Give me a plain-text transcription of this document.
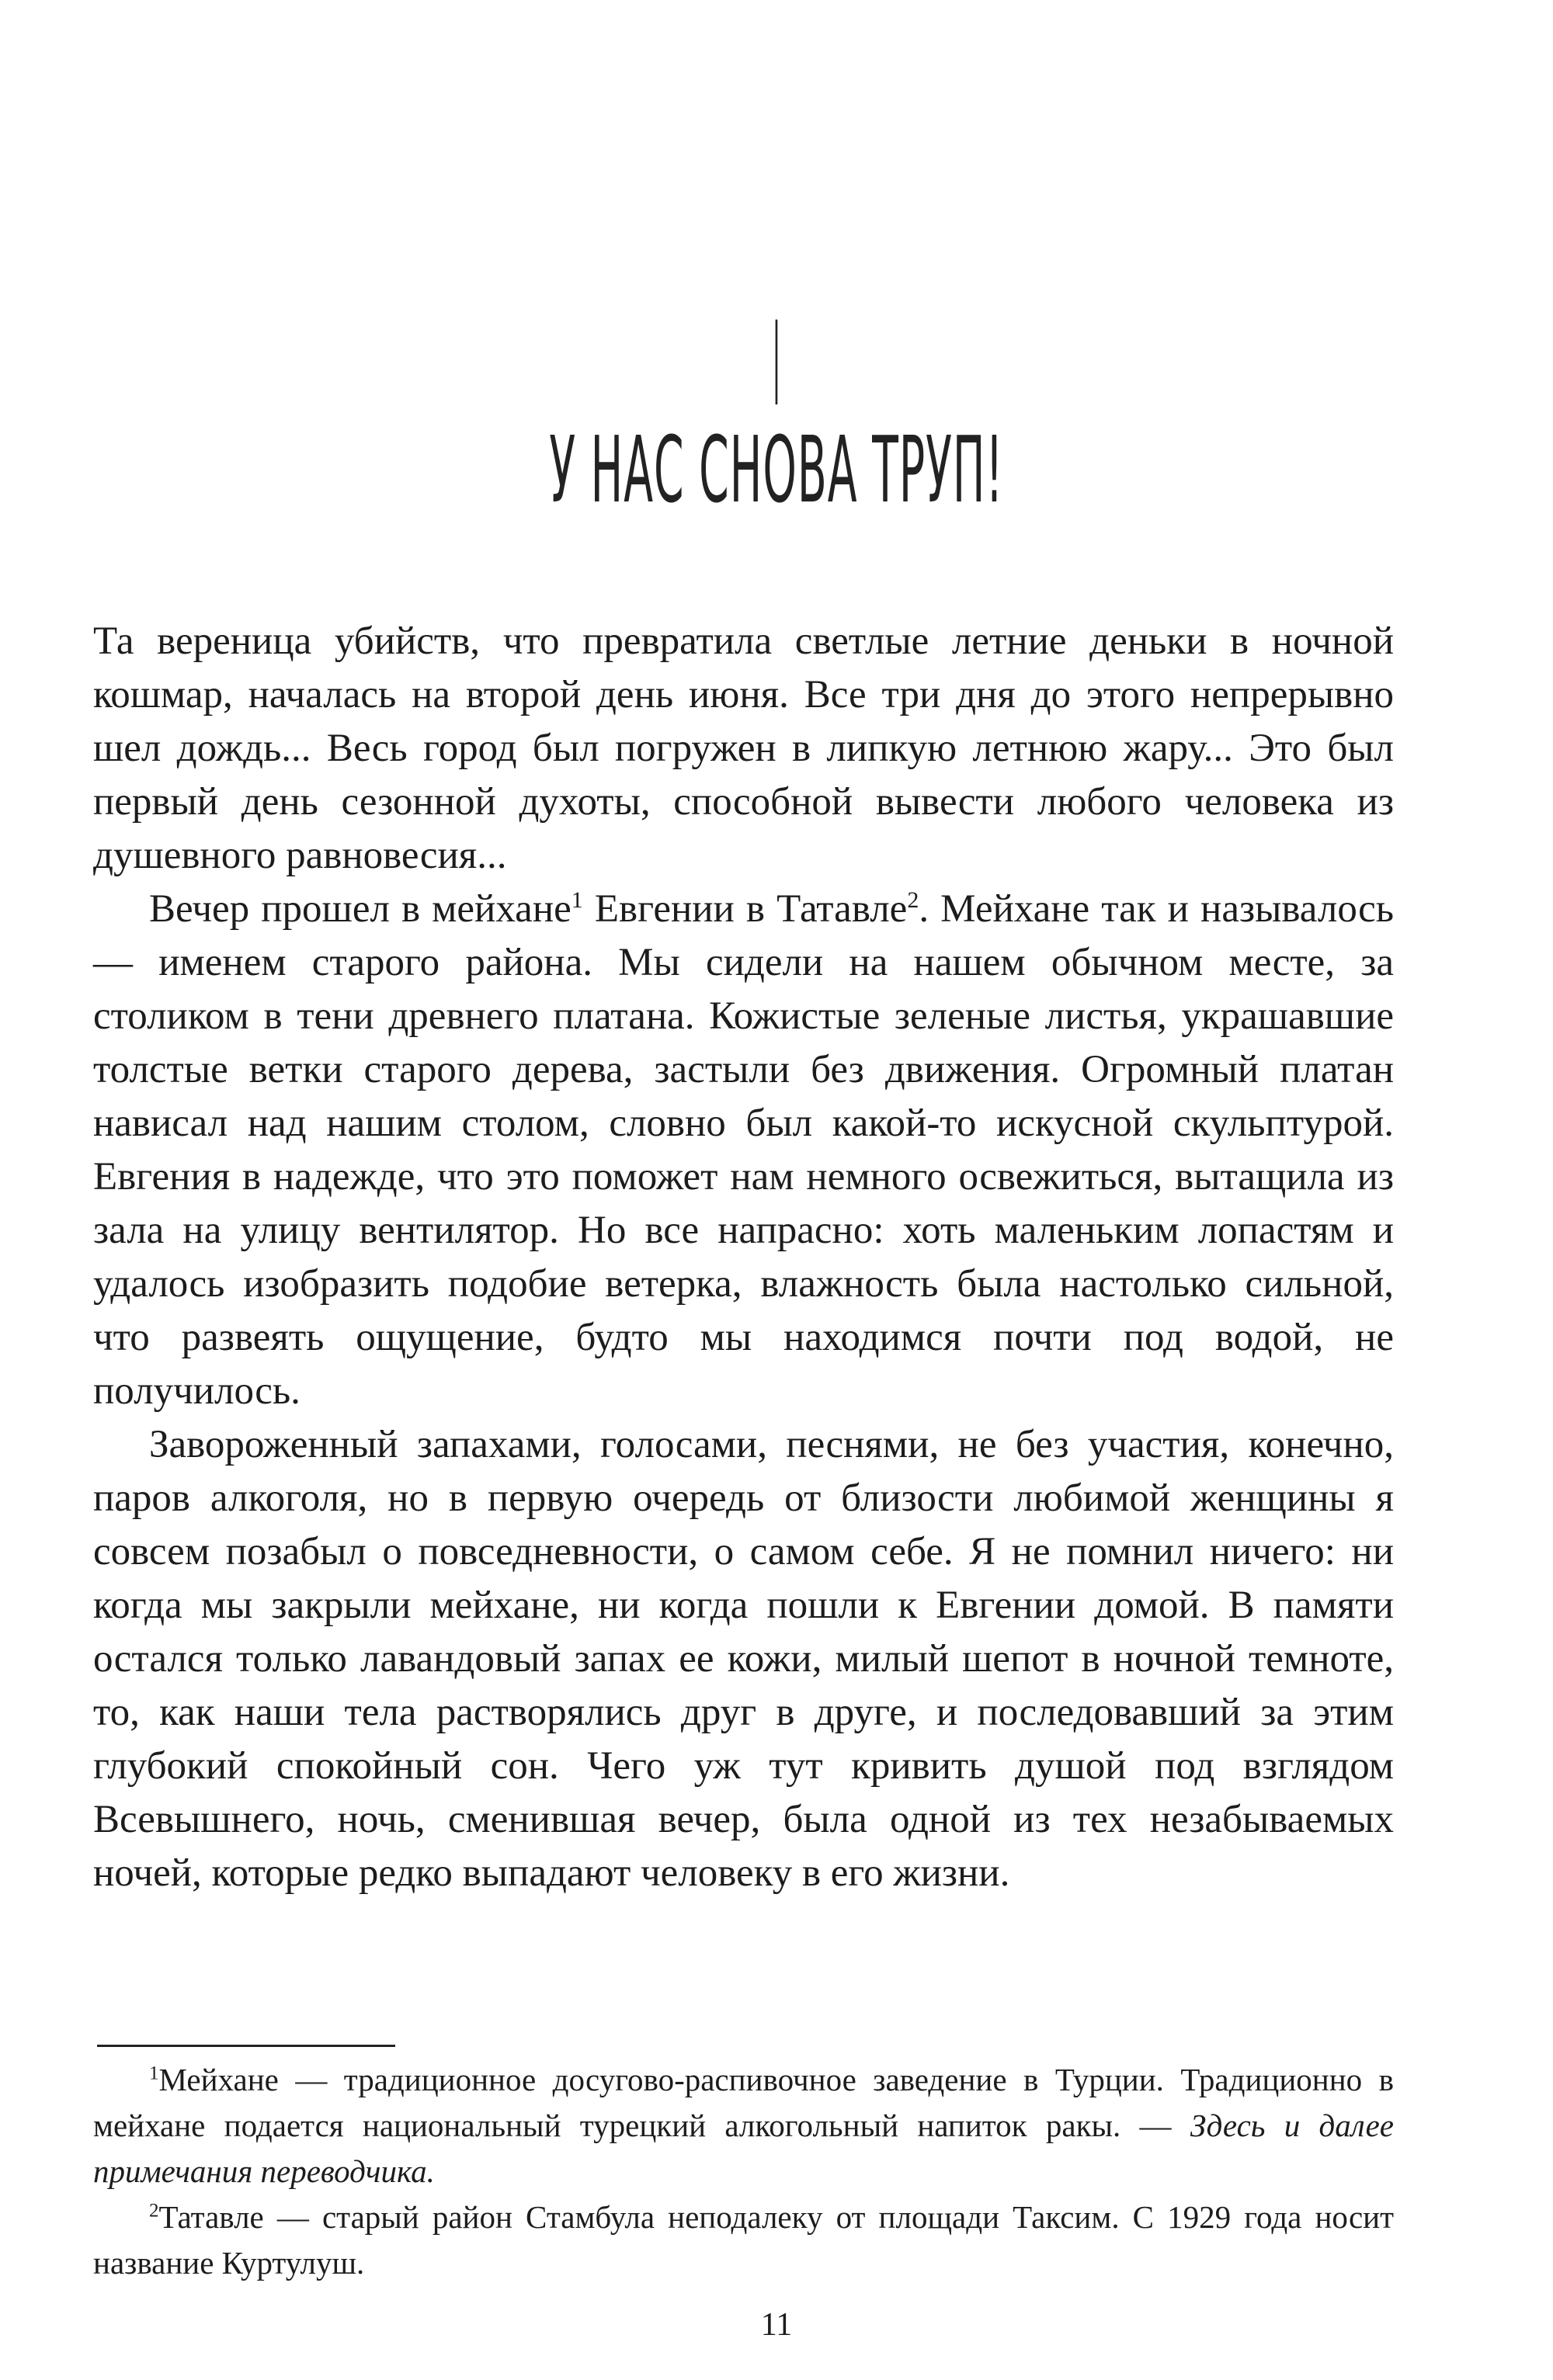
I
У НАС СНОВА ТРУП!

Та вереница убийств, что превратила светлые летние деньки в ночной кошмар, началась на второй день июня. Все три дня до этого непрерывно шел дождь... Весь город был погружен в липкую летнюю жару... Это был первый день сезонной духоты, способной вывести любого человека из душевного равновесия...

Вечер прошел в мейхане$^1$ Евгении в Татавле$^2$. Мейхане так и называлось — именем старого района. Мы сидели на нашем обычном месте, за столиком в тени древнего платана. Кожистые зеленые листья, украшавшие толстые ветки старого дерева, застыли без движения. Огромный платан нависал над нашим столом, словно был какой-то искусной скульптурой. Евгения в надежде, что это поможет нам немного освежиться, вытащила из зала на улицу вентилятор. Но все напрасно: хоть маленьким лопастям и удалось изобразить подобие ветерка, влажность была настолько сильной, что развеять ощущение, будто мы находимся почти под водой, не получилось.

Завороженный запахами, голосами, песнями, не без участия, конечно, паров алкоголя, но в первую очередь от близости любимой женщины я совсем позабыл о повседневности, о самом себе. Я не помнил ничего: ни когда мы закрыли мейхане, ни когда пошли к Евгении домой. В памяти остался только лавандовый запах ее кожи, милый шепот в ночной темноте, то, как наши тела растворялись друг в друге, и последовавший за этим глубокий спокойный сон. Чего уж тут кривить душой под взглядом Всевышнего, ночь, сменившая вечер, была одной из тех незабываемых ночей, которые редко выпадают человеку в его жизни.

$^1$Мейхане — традиционное досугово-распивочное заведение в Турции. Традиционно в мейхане подается национальный турецкий алкогольный напиток ракы. — Здесь и далее примечания переводчика.

$^2$Татавле — старый район Стамбула неподалеку от площади Таксим. С 1929 года носит название Куртулуш.

11
